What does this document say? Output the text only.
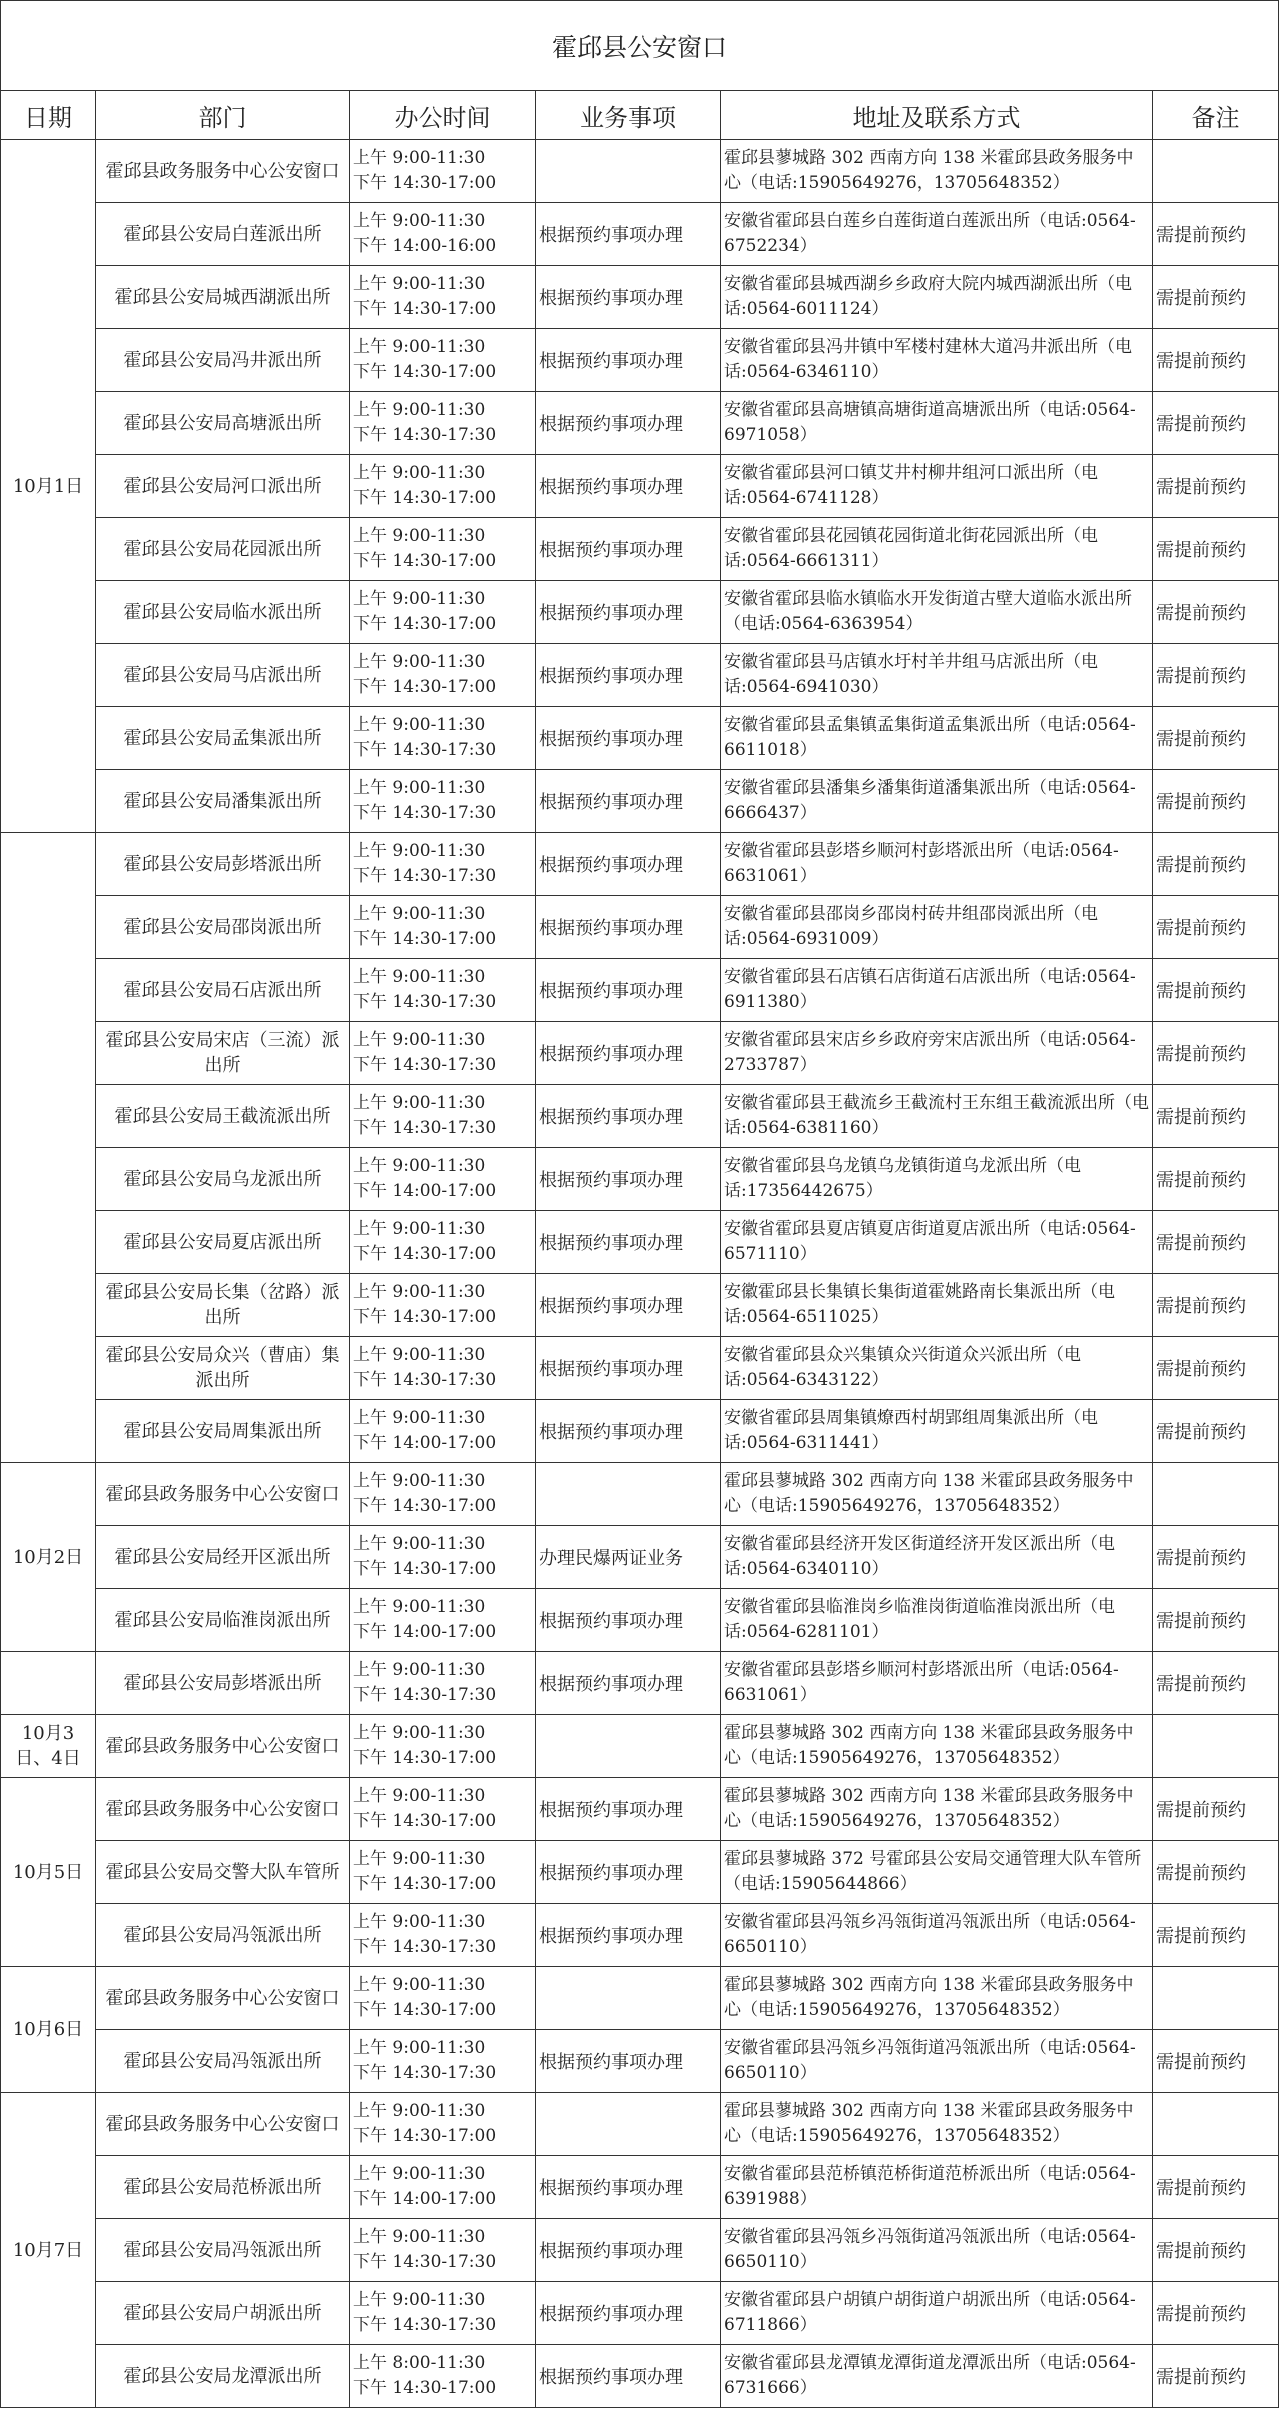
霍邱县公安窗口					
日期	部门	办公时间	业务事项	地址及联系方式	备注
10月1日	霍邱县政务服务中心公安窗口	上午 9:00-11:30
下午 14:30-17:00		霍邱县蓼城路 302 西南方向 138 米霍邱县政务服务中心（电话:15905649276，13705648352）	
	霍邱县公安局白莲派出所	上午 9:00-11:30
下午 14:00-16:00	根据预约事项办理	安徽省霍邱县白莲乡白莲街道白莲派出所（电话:0564-6752234）	需提前预约
	霍邱县公安局城西湖派出所	上午 9:00-11:30
下午 14:30-17:00	根据预约事项办理	安徽省霍邱县城西湖乡乡政府大院内城西湖派出所（电话:0564-6011124）	需提前预约
	霍邱县公安局冯井派出所	上午 9:00-11:30
下午 14:30-17:00	根据预约事项办理	安徽省霍邱县冯井镇中军楼村建林大道冯井派出所（电话:0564-6346110）	需提前预约
	霍邱县公安局高塘派出所	上午 9:00-11:30
下午 14:30-17:30	根据预约事项办理	安徽省霍邱县高塘镇高塘街道高塘派出所（电话:0564-6971058）	需提前预约
	霍邱县公安局河口派出所	上午 9:00-11:30
下午 14:30-17:00	根据预约事项办理	安徽省霍邱县河口镇艾井村柳井组河口派出所（电话:0564-6741128）	需提前预约
	霍邱县公安局花园派出所	上午 9:00-11:30
下午 14:30-17:00	根据预约事项办理	安徽省霍邱县花园镇花园街道北街花园派出所（电话:0564-6661311）	需提前预约
	霍邱县公安局临水派出所	上午 9:00-11:30
下午 14:30-17:00	根据预约事项办理	安徽省霍邱县临水镇临水开发街道古壁大道临水派出所（电话:0564-6363954）	需提前预约
	霍邱县公安局马店派出所	上午 9:00-11:30
下午 14:30-17:00	根据预约事项办理	安徽省霍邱县马店镇水圩村羊井组马店派出所（电话:0564-6941030）	需提前预约
	霍邱县公安局孟集派出所	上午 9:00-11:30
下午 14:30-17:30	根据预约事项办理	安徽省霍邱县孟集镇孟集街道孟集派出所（电话:0564-6611018）	需提前预约
	霍邱县公安局潘集派出所	上午 9:00-11:30
下午 14:30-17:30	根据预约事项办理	安徽省霍邱县潘集乡潘集街道潘集派出所（电话:0564-6666437）	需提前预约
	霍邱县公安局彭塔派出所	上午 9:00-11:30
下午 14:30-17:30	根据预约事项办理	安徽省霍邱县彭塔乡顺河村彭塔派出所（电话:0564-6631061）	需提前预约
	霍邱县公安局邵岗派出所	上午 9:00-11:30
下午 14:30-17:00	根据预约事项办理	安徽省霍邱县邵岗乡邵岗村砖井组邵岗派出所（电话:0564-6931009）	需提前预约
	霍邱县公安局石店派出所	上午 9:00-11:30
下午 14:30-17:30	根据预约事项办理	安徽省霍邱县石店镇石店街道石店派出所（电话:0564-6911380）	需提前预约
	霍邱县公安局宋店（三流）派出所	上午 9:00-11:30
下午 14:30-17:30	根据预约事项办理	安徽省霍邱县宋店乡乡政府旁宋店派出所（电话:0564-2733787）	需提前预约
	霍邱县公安局王截流派出所	上午 9:00-11:30
下午 14:30-17:30	根据预约事项办理	安徽省霍邱县王截流乡王截流村王东组王截流派出所（电话:0564-6381160）	需提前预约
	霍邱县公安局乌龙派出所	上午 9:00-11:30
下午 14:00-17:00	根据预约事项办理	安徽省霍邱县乌龙镇乌龙镇街道乌龙派出所（电话:17356442675）	需提前预约
	霍邱县公安局夏店派出所	上午 9:00-11:30
下午 14:30-17:00	根据预约事项办理	安徽省霍邱县夏店镇夏店街道夏店派出所（电话:0564-6571110）	需提前预约
	霍邱县公安局长集（岔路）派出所	上午 9:00-11:30
下午 14:30-17:00	根据预约事项办理	安徽霍邱县长集镇长集街道霍姚路南长集派出所（电话:0564-6511025）	需提前预约
	霍邱县公安局众兴（曹庙）集派出所	上午 9:00-11:30
下午 14:30-17:30	根据预约事项办理	安徽省霍邱县众兴集镇众兴街道众兴派出所（电话:0564-6343122）	需提前预约
	霍邱县公安局周集派出所	上午 9:00-11:30
下午 14:00-17:00	根据预约事项办理	安徽省霍邱县周集镇燎西村胡郢组周集派出所（电话:0564-6311441）	需提前预约
10月2日	霍邱县政务服务中心公安窗口	上午 9:00-11:30
下午 14:30-17:00		霍邱县蓼城路 302 西南方向 138 米霍邱县政务服务中心（电话:15905649276，13705648352）	
	霍邱县公安局经开区派出所	上午 9:00-11:30
下午 14:30-17:00	办理民爆两证业务	安徽省霍邱县经济开发区街道经济开发区派出所（电话:0564-6340110）	需提前预约
	霍邱县公安局临淮岗派出所	上午 9:00-11:30
下午 14:00-17:00	根据预约事项办理	安徽省霍邱县临淮岗乡临淮岗街道临淮岗派出所（电话:0564-6281101）	需提前预约
	霍邱县公安局彭塔派出所	上午 9:00-11:30
下午 14:30-17:30	根据预约事项办理	安徽省霍邱县彭塔乡顺河村彭塔派出所（电话:0564-6631061）	需提前预约
10月3日、4日	霍邱县政务服务中心公安窗口	上午 9:00-11:30
下午 14:30-17:00		霍邱县蓼城路 302 西南方向 138 米霍邱县政务服务中心（电话:15905649276，13705648352）	
10月5日	霍邱县政务服务中心公安窗口	上午 9:00-11:30
下午 14:30-17:00	根据预约事项办理	霍邱县蓼城路 302 西南方向 138 米霍邱县政务服务中心（电话:15905649276，13705648352）	需提前预约
	霍邱县公安局交警大队车管所	上午 9:00-11:30
下午 14:30-17:00	根据预约事项办理	霍邱县蓼城路 372 号霍邱县公安局交通管理大队车管所（电话:15905644866）	需提前预约
	霍邱县公安局冯瓴派出所	上午 9:00-11:30
下午 14:30-17:30	根据预约事项办理	安徽省霍邱县冯瓴乡冯瓴街道冯瓴派出所（电话:0564-6650110）	需提前预约
10月6日	霍邱县政务服务中心公安窗口	上午 9:00-11:30
下午 14:30-17:00		霍邱县蓼城路 302 西南方向 138 米霍邱县政务服务中心（电话:15905649276，13705648352）	
	霍邱县公安局冯瓴派出所	上午 9:00-11:30
下午 14:30-17:30	根据预约事项办理	安徽省霍邱县冯瓴乡冯瓴街道冯瓴派出所（电话:0564-6650110）	需提前预约
10月7日	霍邱县政务服务中心公安窗口	上午 9:00-11:30
下午 14:30-17:00		霍邱县蓼城路 302 西南方向 138 米霍邱县政务服务中心（电话:15905649276，13705648352）	
	霍邱县公安局范桥派出所	上午 9:00-11:30
下午 14:00-17:00	根据预约事项办理	安徽省霍邱县范桥镇范桥街道范桥派出所（电话:0564-6391988）	需提前预约
	霍邱县公安局冯瓴派出所	上午 9:00-11:30
下午 14:30-17:30	根据预约事项办理	安徽省霍邱县冯瓴乡冯瓴街道冯瓴派出所（电话:0564-6650110）	需提前预约
	霍邱县公安局户胡派出所	上午 9:00-11:30
下午 14:30-17:30	根据预约事项办理	安徽省霍邱县户胡镇户胡街道户胡派出所（电话:0564-6711866）	需提前预约
	霍邱县公安局龙潭派出所	上午 8:00-11:30
下午 14:30-17:00	根据预约事项办理	安徽省霍邱县龙潭镇龙潭街道龙潭派出所（电话:0564-6731666）	需提前预约
